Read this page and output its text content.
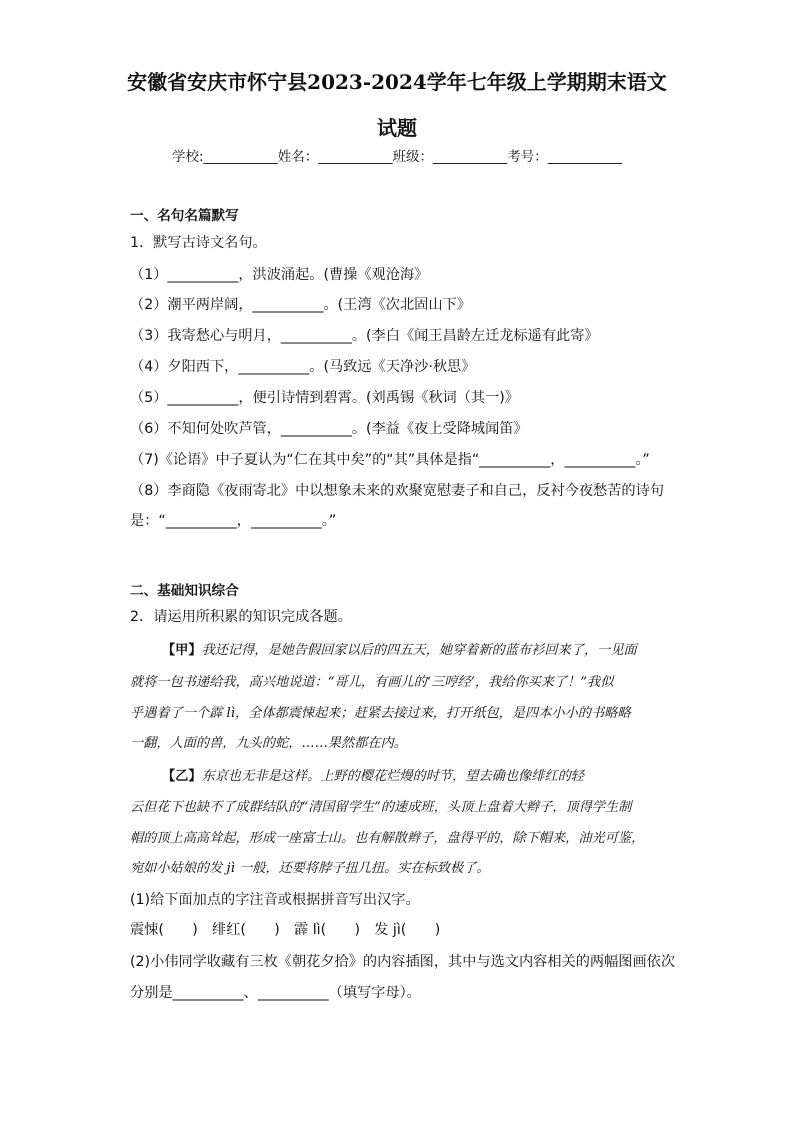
安徽省安庆市怀宁县2023-2024学年七年级上学期期末语文
试题
学校:___________姓名：___________班级：___________考号：___________
一、名句名篇默写
1．默写古诗文名句。
（1）__________，洪波涌起。(曹操《观沧海》
（2）潮平两岸阔，__________。(王湾《次北固山下》
（3）我寄愁心与明月，__________。(李白《闻王昌龄左迁龙标遥有此寄》
（4）夕阳西下，__________。(马致远《天净沙·秋思》
（5）__________，便引诗情到碧霄。(刘禹锡《秋词（其一)》
（6）不知何处吹芦管，__________。(李益《夜上受降城闻笛》
（7)《论语》中子夏认为“仁在其中矣”的“其”具体是指“__________，__________。”
（8）李商隐《夜雨寄北》中以想象未来的欢聚宽慰妻子和自己，反衬今夜愁苦的诗句
是：“__________，__________。”
二、基础知识综合
2．请运用所积累的知识完成各题。
【甲】我还记得，是她告假回家以后的四五天，她穿着新的蓝布衫回来了，一见面
就将一包书递给我，高兴地说道：“哥儿，有画儿的‘三哼经’，我给你买来了！”我似
乎遇着了一个霹 lì，全体都震悚起来；赶紧去接过来，打开纸包，是四本小小的书略略
一翻，人面的兽，九头的蛇，……果然都在内。
【乙】东京也无非是这样。上野的樱花烂熳的时节，望去确也像绯红的轻
云但花下也缺不了成群结队的“清国留学生”的速成班，头顶上盘着大辫子，顶得学生制
帽的顶上高高耸起，形成一座富士山。也有解散辫子，盘得平的，除下帽来，油光可鉴，
宛如小姑娘的发 jì 一般，还要将脖子扭几扭。实在标致极了。
(1)给下面加点的字注音或根据拼音写出汉字。
震悚(　　)　绯红(　　)　霹 lì(　　)　发 jì(　　)
(2)小伟同学收藏有三枚《朝花夕拾》的内容插图，其中与选文内容相关的两幅图画依次
分别是__________、__________（填写字母）。
